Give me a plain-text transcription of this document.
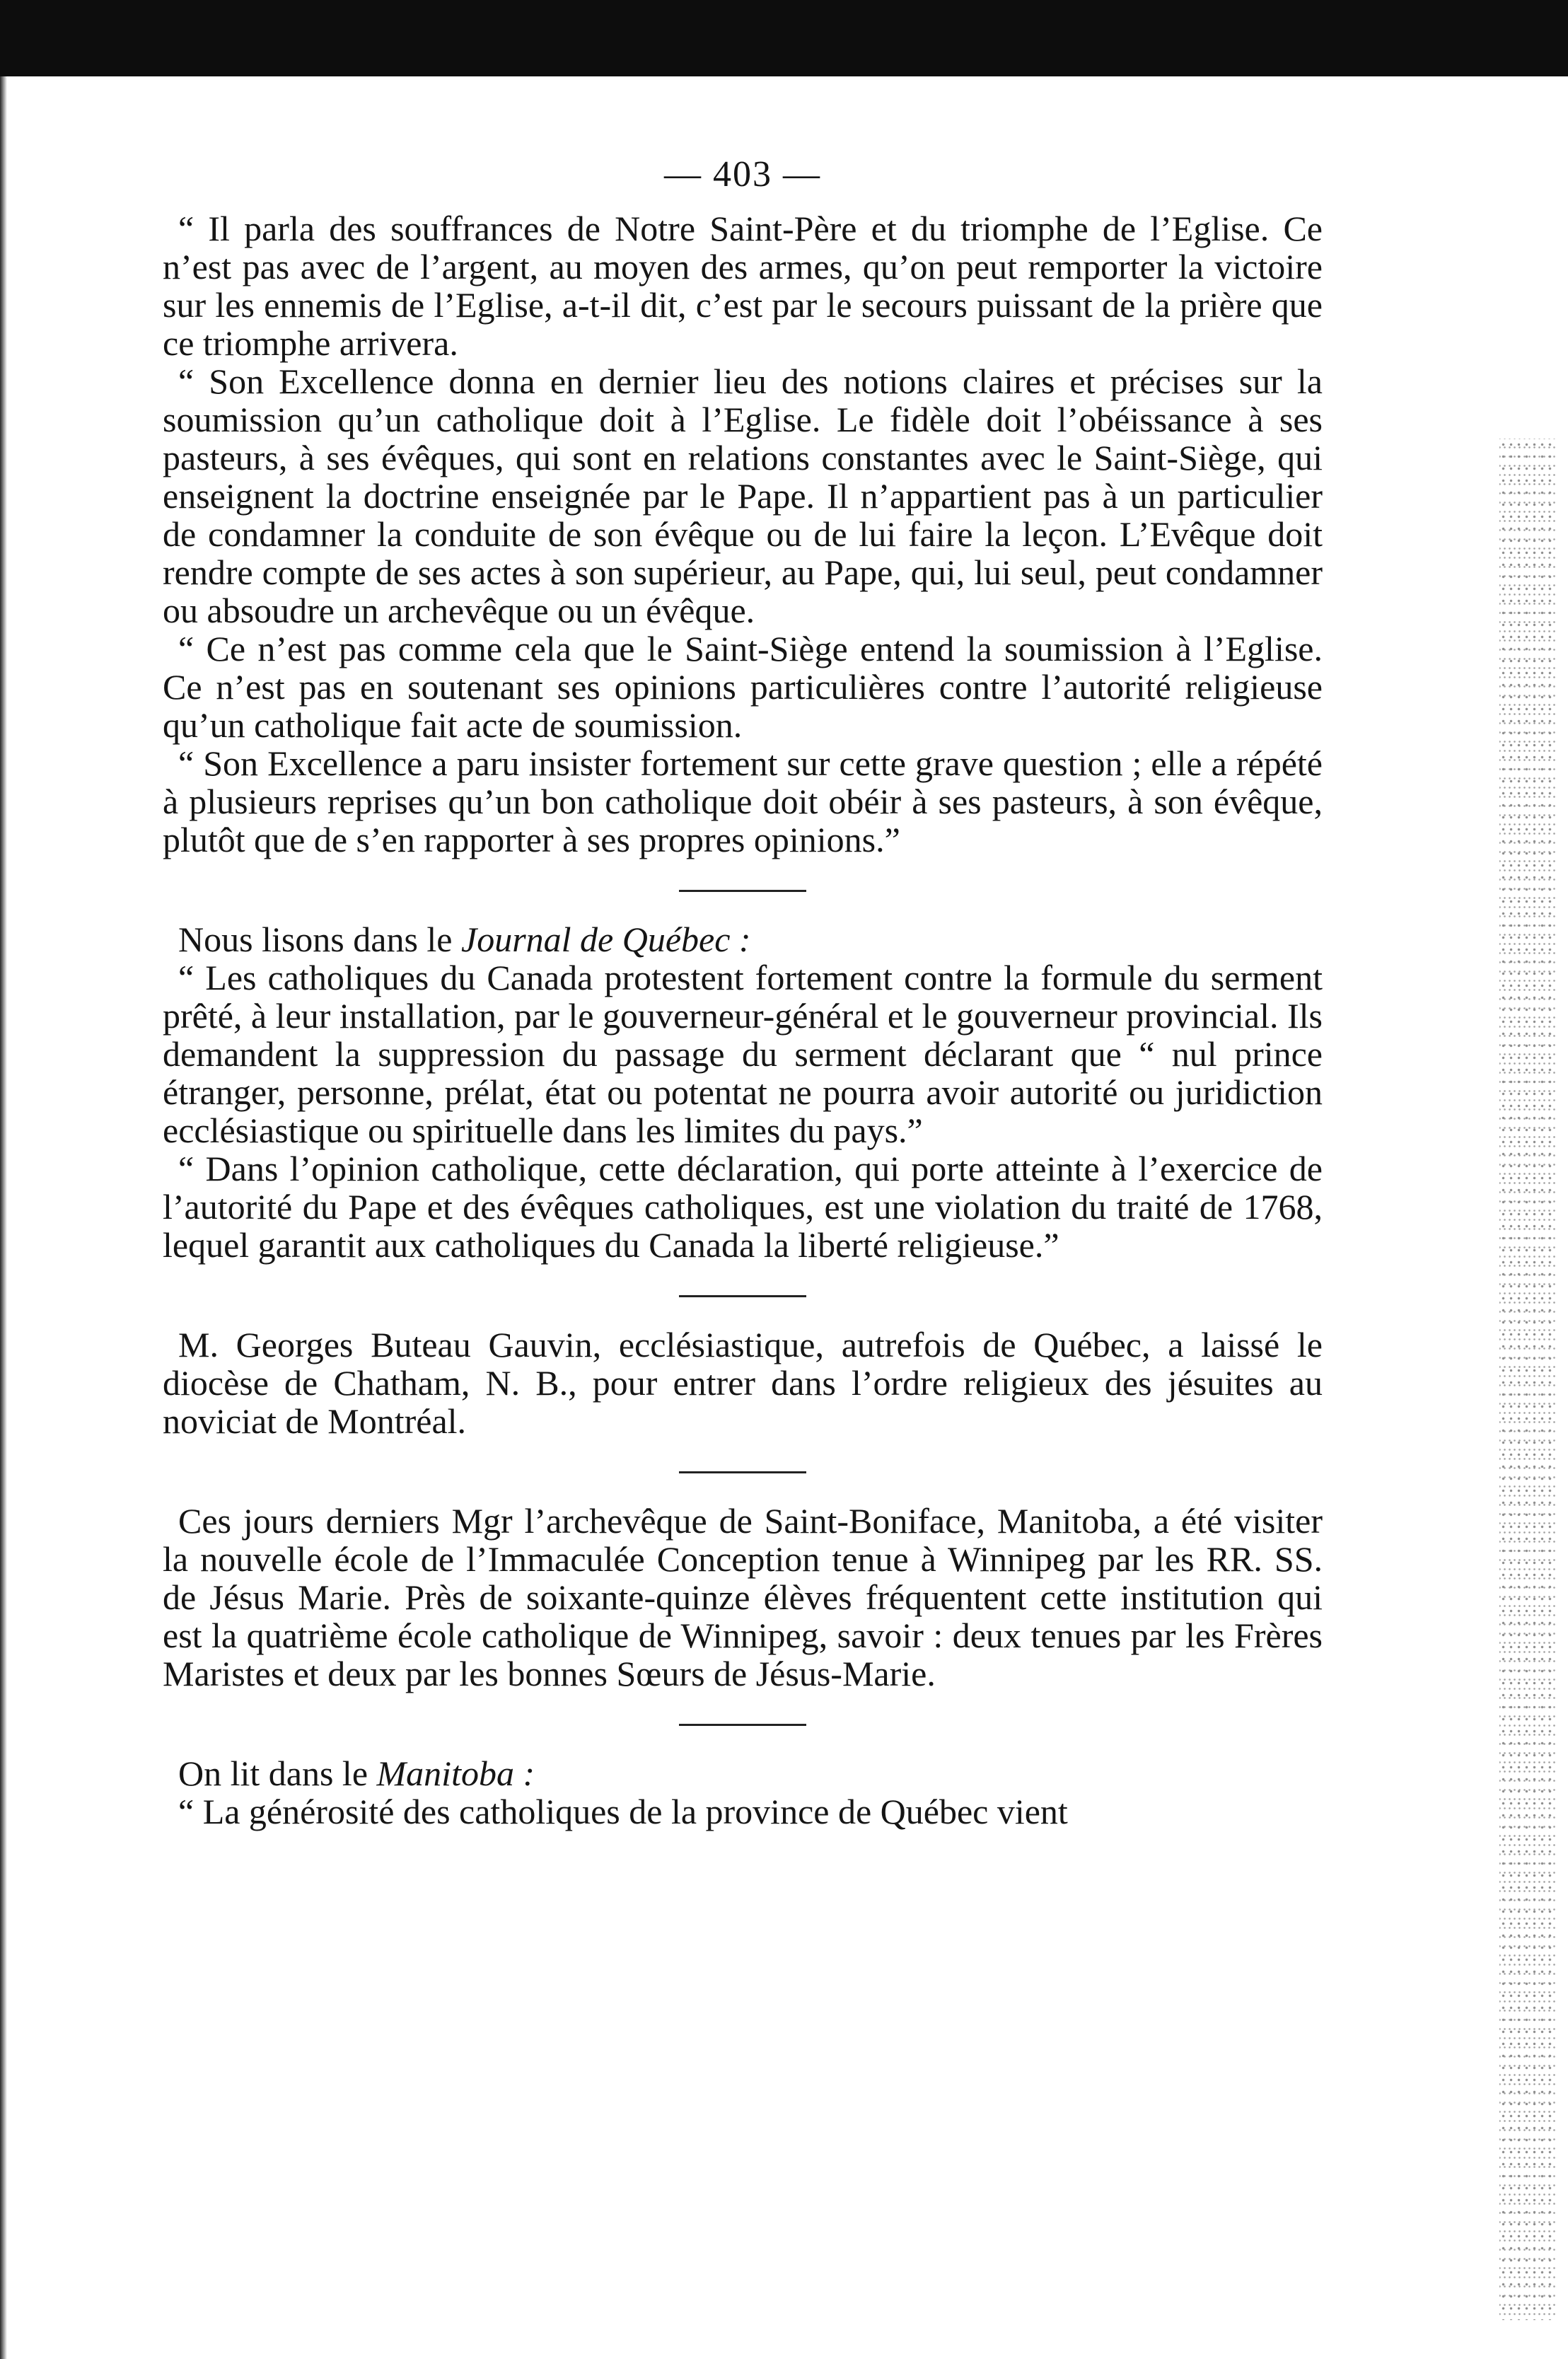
— 403 —

“ Il parla des souffrances de Notre Saint-Père et du triomphe de l’Eglise. Ce n’est pas avec de l’argent, au moyen des armes, qu’on peut remporter la victoire sur les ennemis de l’Eglise, a-t-il dit, c’est par le secours puissant de la prière que ce triomphe arrivera.

“ Son Excellence donna en dernier lieu des notions claires et précises sur la soumission qu’un catholique doit à l’Eglise. Le fidèle doit l’obéissance à ses pasteurs, à ses évêques, qui sont en relations constantes avec le Saint-Siège, qui enseignent la doctrine enseignée par le Pape. Il n’appartient pas à un particulier de condamner la conduite de son évêque ou de lui faire la leçon. L’Evêque doit rendre compte de ses actes à son supérieur, au Pape, qui, lui seul, peut condamner ou absoudre un archevêque ou un évêque.

“ Ce n’est pas comme cela que le Saint-Siège entend la soumission à l’Eglise. Ce n’est pas en soutenant ses opinions particulières contre l’autorité religieuse qu’un catholique fait acte de soumission.

“ Son Excellence a paru insister fortement sur cette grave question ; elle a répété à plusieurs reprises qu’un bon catholique doit obéir à ses pasteurs, à son évêque, plutôt que de s’en rapporter à ses propres opinions.”

Nous lisons dans le Journal de Québec :

“ Les catholiques du Canada protestent fortement contre la formule du serment prêté, à leur installation, par le gouverneur-général et le gouverneur provincial. Ils demandent la suppression du passage du serment déclarant que “ nul prince étranger, personne, prélat, état ou potentat ne pourra avoir autorité ou juridiction ecclésiastique ou spirituelle dans les limites du pays.”

“ Dans l’opinion catholique, cette déclaration, qui porte atteinte à l’exercice de l’autorité du Pape et des évêques catholiques, est une violation du traité de 1768, lequel garantit aux catholiques du Canada la liberté religieuse.”

M. Georges Buteau Gauvin, ecclésiastique, autrefois de Québec, a laissé le diocèse de Chatham, N. B., pour entrer dans l’ordre religieux des jésuites au noviciat de Montréal.

Ces jours derniers Mgr l’archevêque de Saint-Boniface, Manitoba, a été visiter la nouvelle école de l’Immaculée Conception tenue à Winnipeg par les RR. SS. de Jésus Marie. Près de soixante-quinze élèves fréquentent cette institution qui est la quatrième école catholique de Winnipeg, savoir : deux tenues par les Frères Maristes et deux par les bonnes Sœurs de Jésus-Marie.

On lit dans le Manitoba :

“ La générosité des catholiques de la province de Québec vient
